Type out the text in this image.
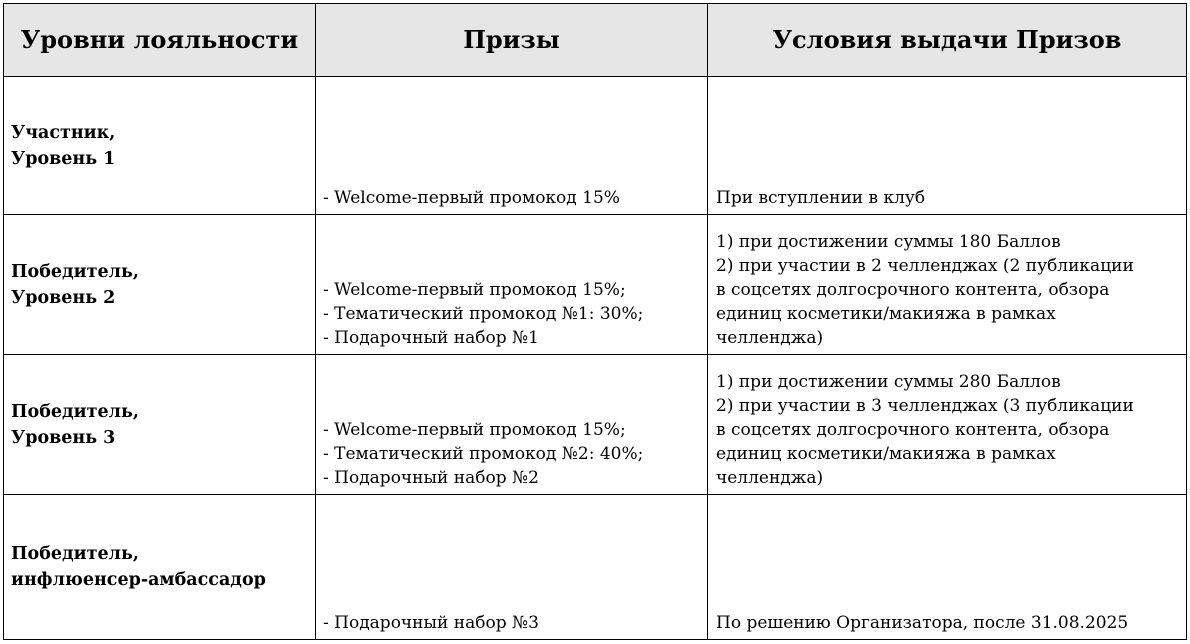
Уровни лояльности	Призы	Условия выдачи Призов

Участник,
Уровень 1	- Welcome-первый промокод 15%	При вступлении в клуб

Победитель,
Уровень 2	- Welcome-первый промокод 15%;
- Тематический промокод №1: 30%;
- Подарочный набор №1	1) при достижении суммы 180 Баллов
2) при участии в 2 челленджах (2 публикации
в соцсетях долгосрочного контента, обзора
единиц косметики/макияжа в рамках
челленджа)

Победитель,
Уровень 3	- Welcome-первый промокод 15%;
- Тематический промокод №2: 40%;
- Подарочный набор №2	1) при достижении суммы 280 Баллов
2) при участии в 3 челленджах (3 публикации
в соцсетях долгосрочного контента, обзора
единиц косметики/макияжа в рамках
челленджа)

Победитель,
инфлюенсер-амбассадор	- Подарочный набор №3	По решению Организатора, после 31.08.2025
